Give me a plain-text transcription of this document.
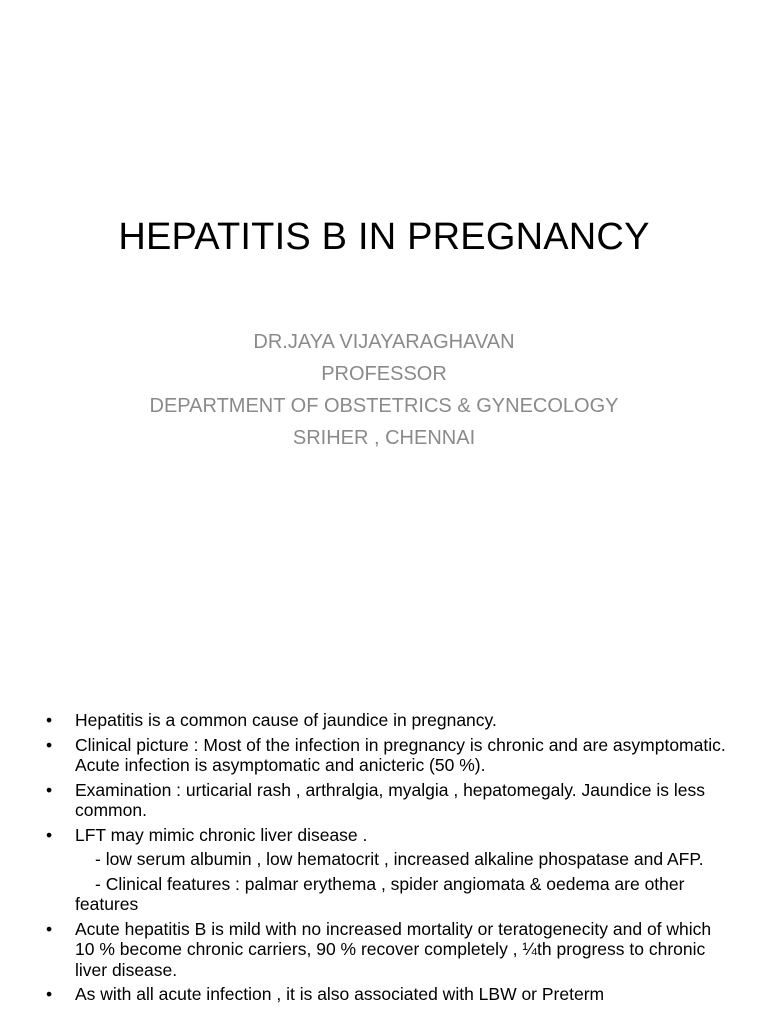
HEPATITIS B IN PREGNANCY
DR.JAYA VIJAYARAGHAVAN
PROFESSOR
DEPARTMENT OF OBSTETRICS & GYNECOLOGY
SRIHER , CHENNAI
• Hepatitis is a common cause of jaundice in pregnancy.
• Clinical picture : Most of the infection in pregnancy is chronic and are asymptomatic. Acute infection is asymptomatic and anicteric (50 %).
• Examination : urticarial rash , arthralgia, myalgia , hepatomegaly. Jaundice is less common.
• LFT may mimic chronic liver disease .
- low serum albumin , low hematocrit , increased alkaline phospatase and AFP.
- Clinical features : palmar erythema , spider angiomata & oedema are other features
• Acute hepatitis B is mild with no increased mortality or teratogenecity and of which 10 % become chronic carriers, 90 % recover completely , ¼th progress to chronic liver disease.
• As with all acute infection , it is also associated with LBW or Preterm
